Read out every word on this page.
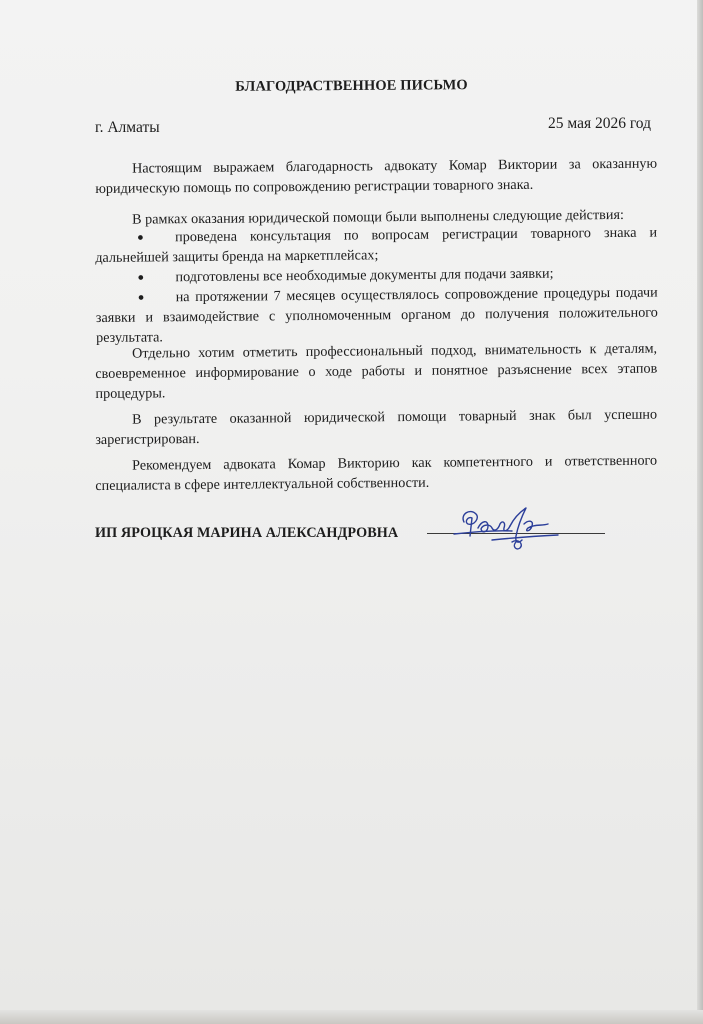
БЛАГОДРАСТВЕННОЕ ПИСЬМО
г. Алматы	25 мая 2026 год

Настоящим выражаем благодарность адвокату Комар Виктории за оказанную юридическую помощь по сопровождению регистрации товарного знака.

В рамках оказания юридической помощи были выполнены следующие действия:

● проведена консультация по вопросам регистрации товарного знака и дальнейшей защиты бренда на маркетплейсах;
● подготовлены все необходимые документы для подачи заявки;
● на протяжении 7 месяцев осуществлялось сопровождение процедуры подачи заявки и взаимодействие с уполномоченным органом до получения положительного результата.

Отдельно хотим отметить профессиональный подход, внимательность к деталям, своевременное информирование о ходе работы и понятное разъяснение всех этапов процедуры.

В результате оказанной юридической помощи товарный знак был успешно зарегистрирован.

Рекомендуем адвоката Комар Викторию как компетентного и ответственного специалиста в сфере интеллектуальной собственности.

ИП ЯРОЦКАЯ МАРИНА АЛЕКСАНДРОВНА
